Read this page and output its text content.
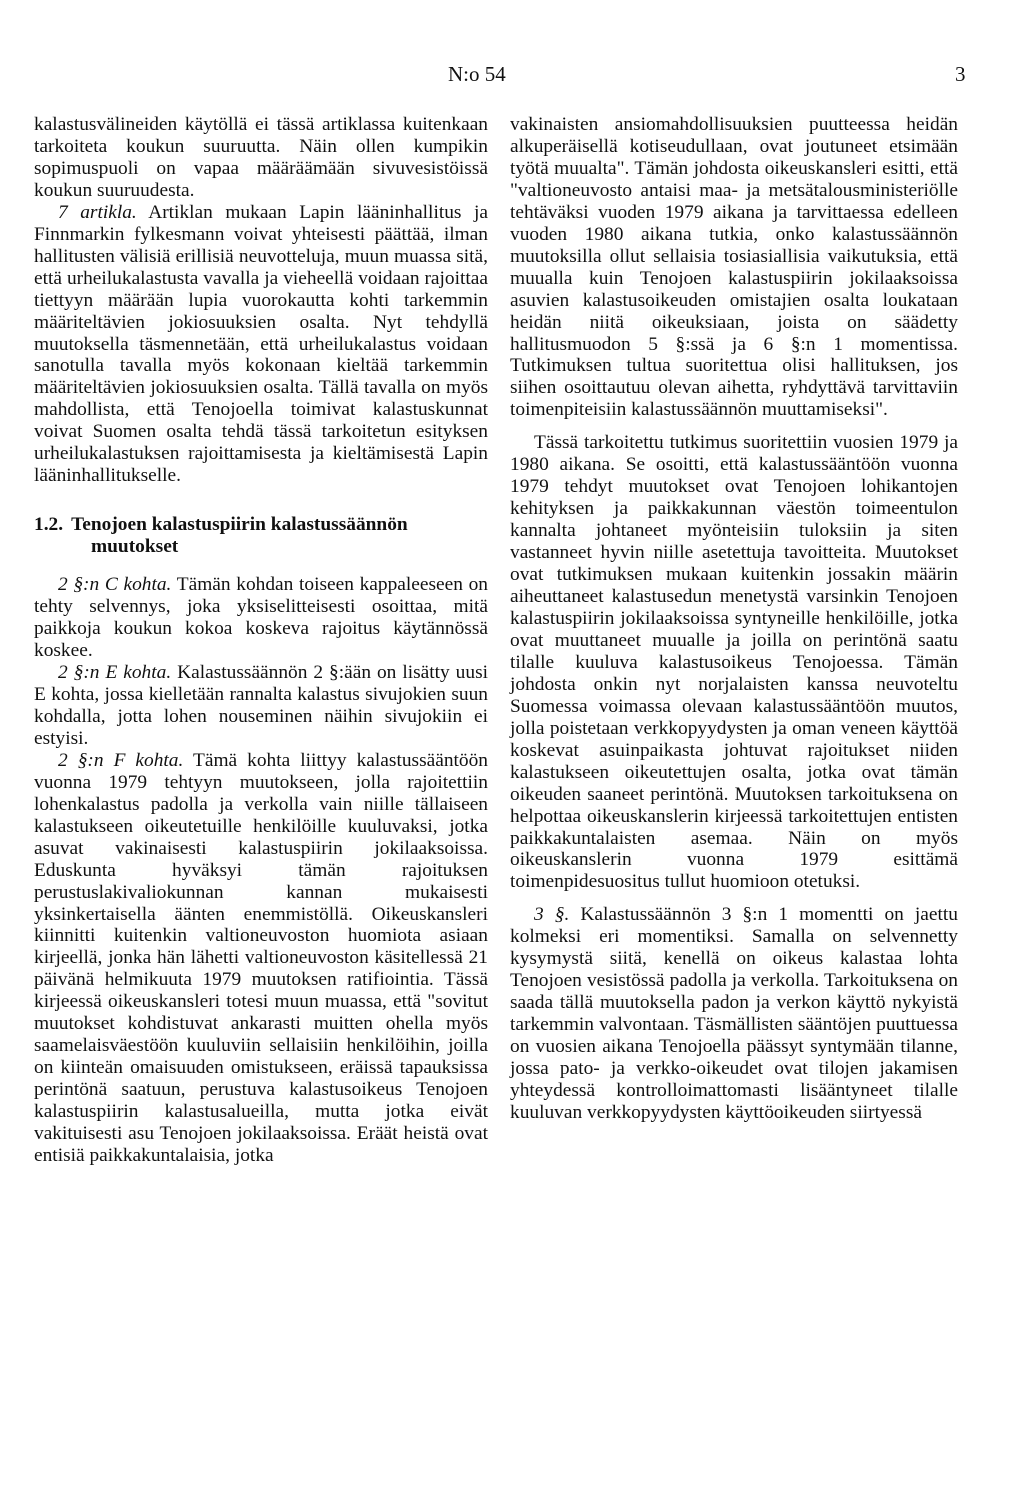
N:o 54	3

kalastusvälineiden käytöllä ei tässä artiklassa kuitenkaan tarkoiteta koukun suuruutta. Näin ollen kumpikin sopimuspuoli on vapaa määräämään sivuvesistöissä koukun suuruudesta.

7 artikla. Artiklan mukaan Lapin lääninhallitus ja Finnmarkin fylkesmann voivat yhteisesti päättää, ilman hallitusten välisiä erillisiä neuvotteluja, muun muassa sitä, että urheilukalastusta vavalla ja vieheellä voidaan rajoittaa tiettyyn määrään lupia vuorokautta kohti tarkemmin määriteltävien jokiosuuksien osalta. Nyt tehdyllä muutoksella täsmennetään, että urheilukalastus voidaan sanotulla tavalla myös kokonaan kieltää tarkemmin määriteltävien jokiosuuksien osalta. Tällä tavalla on myös mahdollista, että Tenojoella toimivat kalastuskunnat voivat Suomen osalta tehdä tässä tarkoitetun esityksen urheilukalastuksen rajoittamisesta ja kieltämisestä Lapin lääninhallitukselle.

1.2. Tenojoen kalastuspiirin kalastussäännön
muutokset

2 §:n C kohta. Tämän kohdan toiseen kappaleeseen on tehty selvennys, joka yksiselitteisesti osoittaa, mitä paikkoja koukun kokoa koskeva rajoitus käytännössä koskee.

2 §:n E kohta. Kalastussäännön 2 §:ään on lisätty uusi E kohta, jossa kielletään rannalta kalastus sivujokien suun kohdalla, jotta lohen nouseminen näihin sivujokiin ei estyisi.

2 §:n F kohta. Tämä kohta liittyy kalastussääntöön vuonna 1979 tehtyyn muutokseen, jolla rajoitettiin lohenkalastus padolla ja verkolla vain niille tällaiseen kalastukseen oikeutetuille henkilöille kuuluvaksi, jotka asuvat vakinaisesti kalastuspiirin jokilaaksoissa. Eduskunta hyväksyi tämän rajoituksen perustuslakivaliokunnan kannan mukaisesti yksinkertaisella äänten enemmistöllä. Oikeuskansleri kiinnitti kuitenkin valtioneuvoston huomiota asiaan kirjeellä, jonka hän lähetti valtioneuvoston käsitellessä 21 päivänä helmikuuta 1979 muutoksen ratifiointia. Tässä kirjeessä oikeuskansleri totesi muun muassa, että "sovitut muutokset kohdistuvat ankarasti muitten ohella myös saamelaisväestöön kuuluviin sellaisiin henkilöihin, joilla on kiinteän omaisuuden omistukseen, eräissä tapauksissa perintönä saatuun, perustuva kalastusoikeus Tenojoen kalastuspiirin kalastusalueilla, mutta jotka eivät vakituisesti asu Tenojoen jokilaaksoissa. Eräät heistä ovat entisiä paikkakuntalaisia, jotka

vakinaisten ansiomahdollisuuksien puutteessa heidän alkuperäisellä kotiseudullaan, ovat joutuneet etsimään työtä muualta". Tämän johdosta oikeuskansleri esitti, että "valtioneuvosto antaisi maa- ja metsätalousministeriölle tehtäväksi vuoden 1979 aikana ja tarvittaessa edelleen vuoden 1980 aikana tutkia, onko kalastussäännön muutoksilla ollut sellaisia tosiasiallisia vaikutuksia, että muualla kuin Tenojoen kalastuspiirin jokilaaksoissa asuvien kalastusoikeuden omistajien osalta loukataan heidän niitä oikeuksiaan, joista on säädetty hallitusmuodon 5 §:ssä ja 6 §:n 1 momentissa. Tutkimuksen tultua suoritettua olisi hallituksen, jos siihen osoittautuu olevan aihetta, ryhdyttävä tarvittaviin toimenpiteisiin kalastussäännön muuttamiseksi".

Tässä tarkoitettu tutkimus suoritettiin vuosien 1979 ja 1980 aikana. Se osoitti, että kalastussääntöön vuonna 1979 tehdyt muutokset ovat Tenojoen lohikantojen kehityksen ja paikkakunnan väestön toimeentulon kannalta johtaneet myönteisiin tuloksiin ja siten vastanneet hyvin niille asetettuja tavoitteita. Muutokset ovat tutkimuksen mukaan kuitenkin jossakin määrin aiheuttaneet kalastusedun menetystä varsinkin Tenojoen kalastuspiirin jokilaaksoissa syntyneille henkilöille, jotka ovat muuttaneet muualle ja joilla on perintönä saatu tilalle kuuluva kalastusoikeus Tenojoessa. Tämän johdosta onkin nyt norjalaisten kanssa neuvoteltu Suomessa voimassa olevaan kalastussääntöön muutos, jolla poistetaan verkkopyydysten ja oman veneen käyttöä koskevat asuinpaikasta johtuvat rajoitukset niiden kalastukseen oikeutettujen osalta, jotka ovat tämän oikeuden saaneet perintönä. Muutoksen tarkoituksena on helpottaa oikeuskanslerin kirjeessä tarkoitettujen entisten paikkakuntalaisten asemaa. Näin on myös oikeuskanslerin vuonna 1979 esittämä toimenpidesuositus tullut huomioon otetuksi.

3 §. Kalastussäännön 3 §:n 1 momentti on jaettu kolmeksi eri momentiksi. Samalla on selvennetty kysymystä siitä, kenellä on oikeus kalastaa lohta Tenojoen vesistössä padolla ja verkolla. Tarkoituksena on saada tällä muutoksella padon ja verkon käyttö nykyistä tarkemmin valvontaan. Täsmällisten sääntöjen puuttuessa on vuosien aikana Tenojoella päässyt syntymään tilanne, jossa pato- ja verkko-oikeudet ovat tilojen jakamisen yhteydessä kontrolloimattomasti lisääntyneet tilalle kuuluvan verkkopyydysten käyttöoikeuden siirtyessä
